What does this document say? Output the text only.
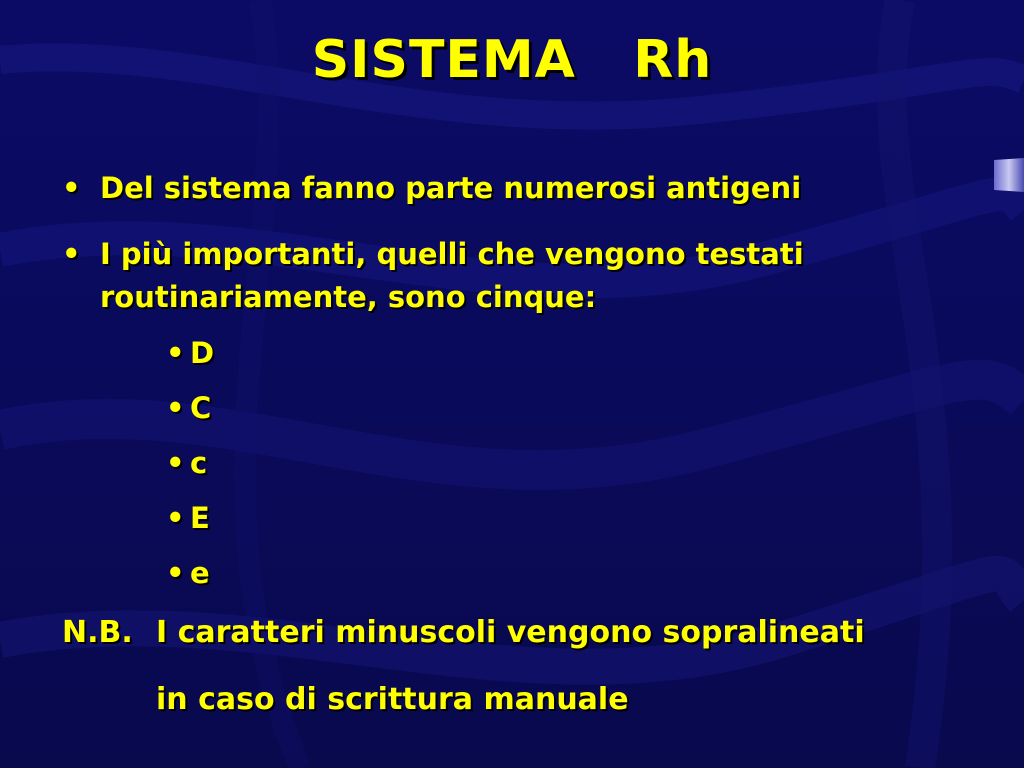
SISTEMA   Rh
• Del sistema fanno parte numerosi antigeni
• I più importanti, quelli che vengono testati
routinariamente, sono cinque:
• D
• C
• c
• E
• e
N.B. I caratteri minuscoli vengono sopralineati
in caso di scrittura manuale
